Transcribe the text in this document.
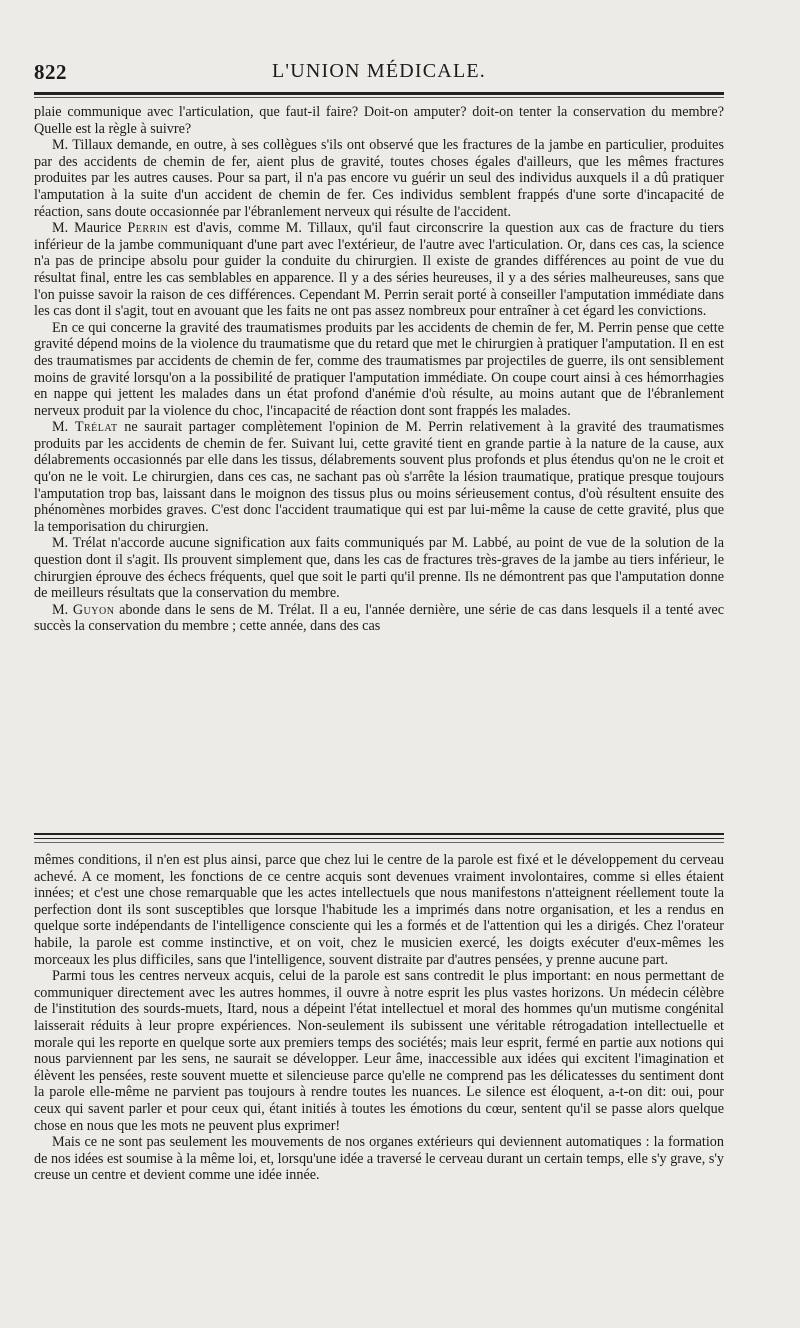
822	L'UNION MÉDICALE.

plaie communique avec l'articulation, que faut-il faire? Doit-on amputer? doit-on tenter la conservation du membre? Quelle est la règle à suivre?

M. Tillaux demande, en outre, à ses collègues s'ils ont observé que les fractures de la jambe en particulier, produites par des accidents de chemin de fer, aient plus de gravité, toutes choses égales d'ailleurs, que les mêmes fractures produites par les autres causes. Pour sa part, il n'a pas encore vu guérir un seul des individus auxquels il a dû pratiquer l'amputation à la suite d'un accident de chemin de fer. Ces individus semblent frappés d'une sorte d'incapacité de réaction, sans doute occasionnée par l'ébranlement nerveux qui résulte de l'accident.

M. Maurice Perrin est d'avis, comme M. Tillaux, qu'il faut circonscrire la question aux cas de fracture du tiers inférieur de la jambe communiquant d'une part avec l'extérieur, de l'autre avec l'articulation. Or, dans ces cas, la science n'a pas de principe absolu pour guider la conduite du chirurgien. Il existe de grandes différences au point de vue du résultat final, entre les cas semblables en apparence. Il y a des séries heureuses, il y a des séries malheureuses, sans que l'on puisse savoir la raison de ces différences. Cependant M. Perrin serait porté à conseiller l'amputation immédiate dans les cas dont il s'agit, tout en avouant que les faits ne ont pas assez nombreux pour entraîner à cet égard les convictions.

En ce qui concerne la gravité des traumatismes produits par les accidents de chemin de fer, M. Perrin pense que cette gravité dépend moins de la violence du traumatisme que du retard que met le chirurgien à pratiquer l'amputation. Il en est des traumatismes par accidents de chemin de fer, comme des traumatismes par projectiles de guerre, ils ont sensiblement moins de gravité lorsqu'on a la possibilité de pratiquer l'amputation immédiate. On coupe court ainsi à ces hémorrhagies en nappe qui jettent les malades dans un état profond d'anémie d'où résulte, au moins autant que de l'ébranlement nerveux produit par la violence du choc, l'incapacité de réaction dont sont frappés les malades.

M. Trélat ne saurait partager complètement l'opinion de M. Perrin relativement à la gravité des traumatismes produits par les accidents de chemin de fer. Suivant lui, cette gravité tient en grande partie à la nature de la cause, aux délabrements occasionnés par elle dans les tissus, délabrements souvent plus profonds et plus étendus qu'on ne le croit et qu'on ne le voit. Le chirurgien, dans ces cas, ne sachant pas où s'arrête la lésion traumatique, pratique presque toujours l'amputation trop bas, laissant dans le moignon des tissus plus ou moins sérieusement contus, d'où résultent ensuite des phénomènes morbides graves. C'est donc l'accident traumatique qui est par lui-même la cause de cette gravité, plus que la temporisation du chirurgien.

M. Trélat n'accorde aucune signification aux faits communiqués par M. Labbé, au point de vue de la solution de la question dont il s'agit. Ils prouvent simplement que, dans les cas de fractures très-graves de la jambe au tiers inférieur, le chirurgien éprouve des échecs fréquents, quel que soit le parti qu'il prenne. Ils ne démontrent pas que l'amputation donne de meilleurs résultats que la conservation du membre.

M. Guyon abonde dans le sens de M. Trélat. Il a eu, l'année dernière, une série de cas dans lesquels il a tenté avec succès la conservation du membre ; cette année, dans des cas

mêmes conditions, il n'en est plus ainsi, parce que chez lui le centre de la parole est fixé et le développement du cerveau achevé. A ce moment, les fonctions de ce centre acquis sont devenues vraiment involontaires, comme si elles étaient innées; et c'est une chose remarquable que les actes intellectuels que nous manifestons n'atteignent réellement toute la perfection dont ils sont susceptibles que lorsque l'habitude les a imprimés dans notre organisation, et les a rendus en quelque sorte indépendants de l'intelligence consciente qui les a formés et de l'attention qui les a dirigés. Chez l'orateur habile, la parole est comme instinctive, et on voit, chez le musicien exercé, les doigts exécuter d'eux-mêmes les morceaux les plus difficiles, sans que l'intelligence, souvent distraite par d'autres pensées, y prenne aucune part.

Parmi tous les centres nerveux acquis, celui de la parole est sans contredit le plus important: en nous permettant de communiquer directement avec les autres hommes, il ouvre à notre esprit les plus vastes horizons. Un médecin célèbre de l'institution des sourds-muets, Itard, nous a dépeint l'état intellectuel et moral des hommes qu'un mutisme congénital laisserait réduits à leur propre expériences. Non-seulement ils subissent une véritable rétrogadation intellectuelle et morale qui les reporte en quelque sorte aux premiers temps des sociétés; mais leur esprit, fermé en partie aux notions qui nous parviennent par les sens, ne saurait se développer. Leur âme, inaccessible aux idées qui excitent l'imagination et élèvent les pensées, reste souvent muette et silencieuse parce qu'elle ne comprend pas les délicatesses du sentiment dont la parole elle-même ne parvient pas toujours à rendre toutes les nuances. Le silence est éloquent, a-t-on dit: oui, pour ceux qui savent parler et pour ceux qui, étant initiés à toutes les émotions du cœur, sentent qu'il se passe alors quelque chose en nous que les mots ne peuvent plus exprimer!

Mais ce ne sont pas seulement les mouvements de nos organes extérieurs qui deviennent automatiques : la formation de nos idées est soumise à la même loi, et, lorsqu'une idée a traversé le cerveau durant un certain temps, elle s'y grave, s'y creuse un centre et devient comme une idée innée.
